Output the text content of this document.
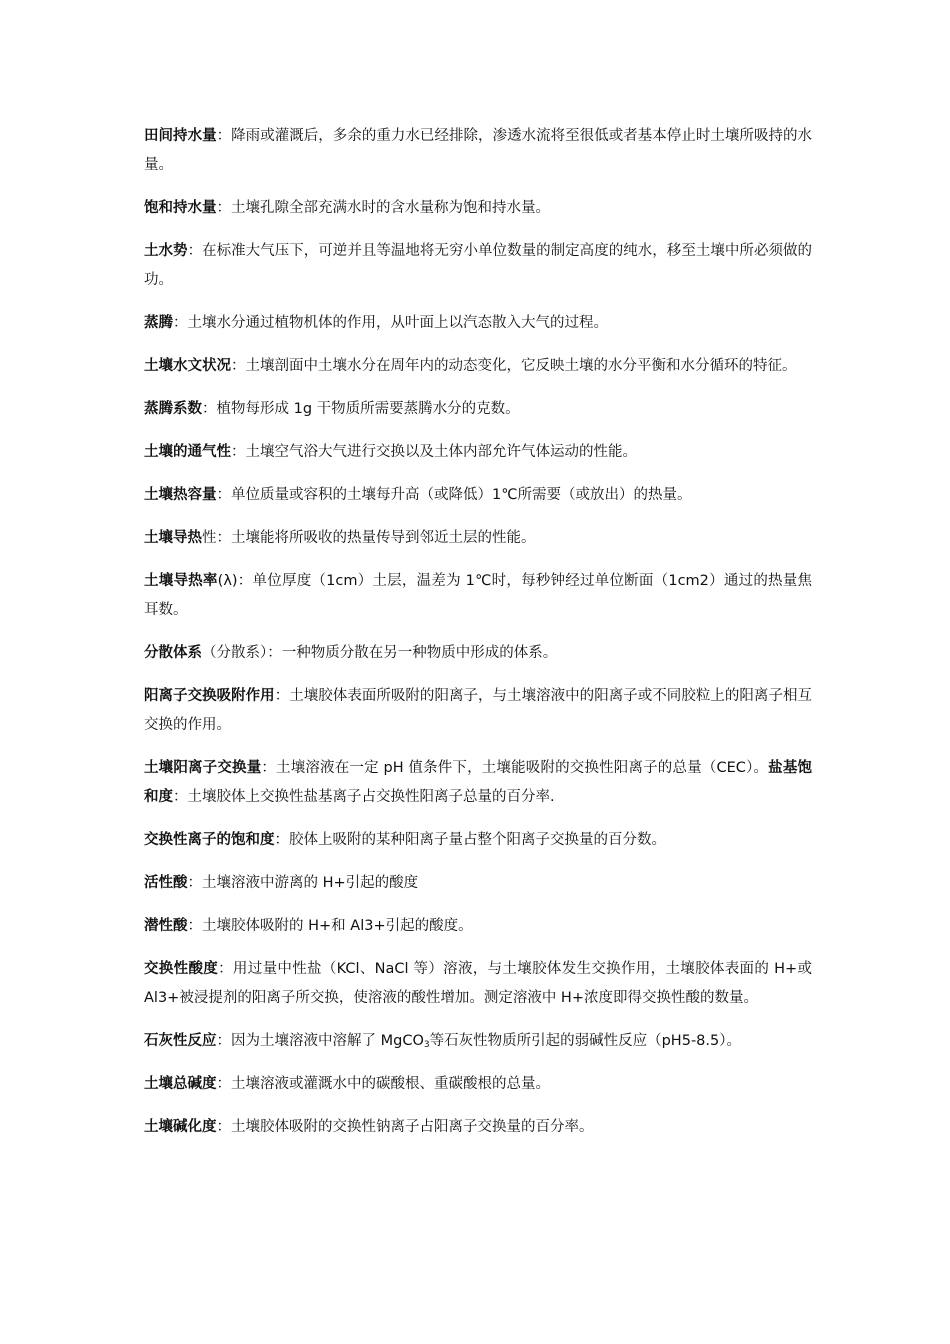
田间持水量：降雨或灌溉后，多余的重力水已经排除，渗透水流将至很低或者基本停止时土壤所吸持的水量。

饱和持水量：土壤孔隙全部充满水时的含水量称为饱和持水量。

土水势：在标准大气压下，可逆并且等温地将无穷小单位数量的制定高度的纯水，移至土壤中所必须做的功。

蒸腾：土壤水分通过植物机体的作用，从叶面上以汽态散入大气的过程。

土壤水文状况：土壤剖面中土壤水分在周年内的动态变化，它反映土壤的水分平衡和水分循环的特征。

蒸腾系数：植物每形成 1g 干物质所需要蒸腾水分的克数。

土壤的通气性：土壤空气浴大气进行交换以及土体内部允许气体运动的性能。

土壤热容量：单位质量或容积的土壤每升高（或降低）1℃所需要（或放出）的热量。

土壤导热性：土壤能将所吸收的热量传导到邻近土层的性能。

土壤导热率(λ)：单位厚度（1cm）土层，温差为 1℃时，每秒钟经过单位断面（1cm2）通过的热量焦耳数。

分散体系（分散系）：一种物质分散在另一种物质中形成的体系。

阳离子交换吸附作用：土壤胶体表面所吸附的阳离子，与土壤溶液中的阳离子或不同胶粒上的阳离子相互交换的作用。

土壤阳离子交换量：土壤溶液在一定 pH 值条件下，土壤能吸附的交换性阳离子的总量（CEC）。盐基饱和度：土壤胶体上交换性盐基离子占交换性阳离子总量的百分率.

交换性离子的饱和度：胶体上吸附的某种阳离子量占整个阳离子交换量的百分数。

活性酸：土壤溶液中游离的 H+引起的酸度

潜性酸：土壤胶体吸附的 H+和 Al3+引起的酸度。

交换性酸度：用过量中性盐（KCl、NaCl 等）溶液，与土壤胶体发生交换作用，土壤胶体表面的 H+或 Al3+被浸提剂的阳离子所交换，使溶液的酸性增加。测定溶液中 H+浓度即得交换性酸的数量。

石灰性反应：因为土壤溶液中溶解了 MgCO$_3$等石灰性物质所引起的弱碱性反应（pH5-8.5）。

土壤总碱度：土壤溶液或灌溉水中的碳酸根、重碳酸根的总量。

土壤碱化度：土壤胶体吸附的交换性钠离子占阳离子交换量的百分率。
